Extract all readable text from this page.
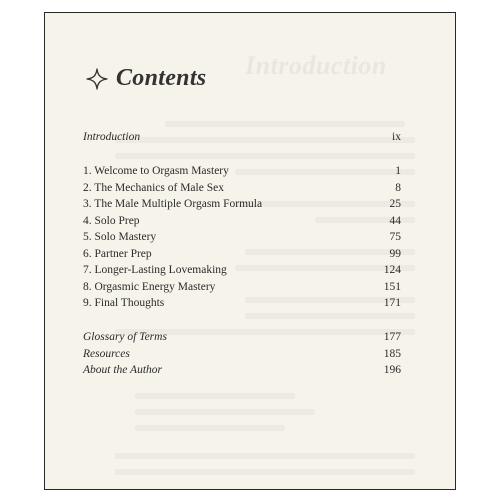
Introduction
Contents
Introduction	ix
1. Welcome to Orgasm Mastery	1
2. The Mechanics of Male Sex	8
3. The Male Multiple Orgasm Formula	25
4. Solo Prep	44
5. Solo Mastery	75
6. Partner Prep	99
7. Longer-Lasting Lovemaking	124
8. Orgasmic Energy Mastery	151
9. Final Thoughts	171
Glossary of Terms	177
Resources	185
About the Author	196
